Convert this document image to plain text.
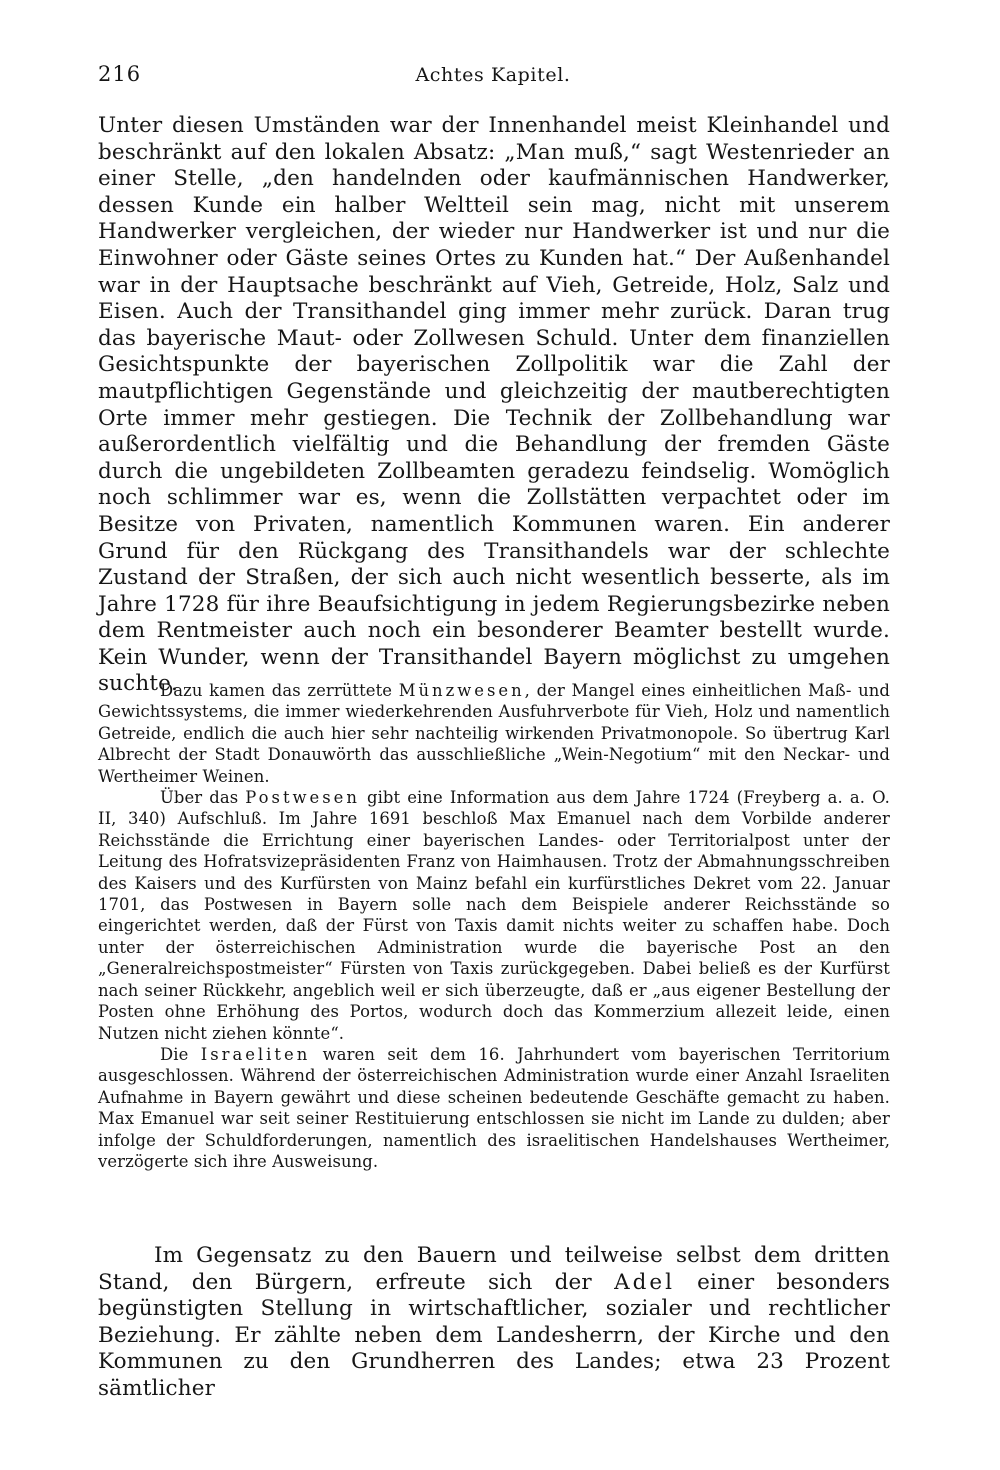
216	Achtes Kapitel.

Unter diesen Umständen war der Innenhandel meist Kleinhandel und beschränkt auf den lokalen Absatz: „Man muß,“ sagt Westenrieder an einer Stelle, „den handelnden oder kaufmännischen Handwerker, dessen Kunde ein halber Weltteil sein mag, nicht mit unserem Handwerker vergleichen, der wieder nur Handwerker ist und nur die Einwohner oder Gäste seines Ortes zu Kunden hat.“ Der Außenhandel war in der Hauptsache beschränkt auf Vieh, Getreide, Holz, Salz und Eisen. Auch der Transithandel ging immer mehr zurück. Daran trug das bayerische Maut- oder Zollwesen Schuld. Unter dem finanziellen Gesichtspunkte der bayerischen Zollpolitik war die Zahl der mautpflichtigen Gegenstände und gleichzeitig der mautberechtigten Orte immer mehr gestiegen. Die Technik der Zollbehandlung war außerordentlich vielfältig und die Behandlung der fremden Gäste durch die ungebildeten Zollbeamten geradezu feindselig. Womöglich noch schlimmer war es, wenn die Zollstätten verpachtet oder im Besitze von Privaten, namentlich Kommunen waren. Ein anderer Grund für den Rückgang des Transithandels war der schlechte Zustand der Straßen, der sich auch nicht wesentlich besserte, als im Jahre 1728 für ihre Beaufsichtigung in jedem Regierungsbezirke neben dem Rentmeister auch noch ein besonderer Beamter bestellt wurde. Kein Wunder, wenn der Transithandel Bayern möglichst zu umgehen suchte.

Dazu kamen das zerrüttete Münzwesen, der Mangel eines einheitlichen Maß- und Gewichtssystems, die immer wiederkehrenden Ausfuhrverbote für Vieh, Holz und namentlich Getreide, endlich die auch hier sehr nachteilig wirkenden Privatmonopole. So übertrug Karl Albrecht der Stadt Donauwörth das ausschließliche „Wein-Negotium“ mit den Neckar- und Wertheimer Weinen.

Über das Postwesen gibt eine Information aus dem Jahre 1724 (Freyberg a. a. O. II, 340) Aufschluß. Im Jahre 1691 beschloß Max Emanuel nach dem Vorbilde anderer Reichsstände die Errichtung einer bayerischen Landes- oder Territorialpost unter der Leitung des Hofratsvizepräsidenten Franz von Haimhausen. Trotz der Abmahnungsschreiben des Kaisers und des Kurfürsten von Mainz befahl ein kurfürstliches Dekret vom 22. Januar 1701, das Postwesen in Bayern solle nach dem Beispiele anderer Reichsstände so eingerichtet werden, daß der Fürst von Taxis damit nichts weiter zu schaffen habe. Doch unter der österreichischen Administration wurde die bayerische Post an den „Generalreichspostmeister“ Fürsten von Taxis zurückgegeben. Dabei beließ es der Kurfürst nach seiner Rückkehr, angeblich weil er sich überzeugte, daß er „aus eigener Bestellung der Posten ohne Erhöhung des Portos, wodurch doch das Kommerzium allezeit leide, einen Nutzen nicht ziehen könnte“.

Die Israeliten waren seit dem 16. Jahrhundert vom bayerischen Territorium ausgeschlossen. Während der österreichischen Administration wurde einer Anzahl Israeliten Aufnahme in Bayern gewährt und diese scheinen bedeutende Geschäfte gemacht zu haben. Max Emanuel war seit seiner Restituierung entschlossen sie nicht im Lande zu dulden; aber infolge der Schuldforderungen, namentlich des israelitischen Handelshauses Wertheimer, verzögerte sich ihre Ausweisung.

Im Gegensatz zu den Bauern und teilweise selbst dem dritten Stand, den Bürgern, erfreute sich der Adel einer besonders begünstigten Stellung in wirtschaftlicher, sozialer und rechtlicher Beziehung. Er zählte neben dem Landesherrn, der Kirche und den Kommunen zu den Grundherren des Landes; etwa 23 Prozent sämtlicher
